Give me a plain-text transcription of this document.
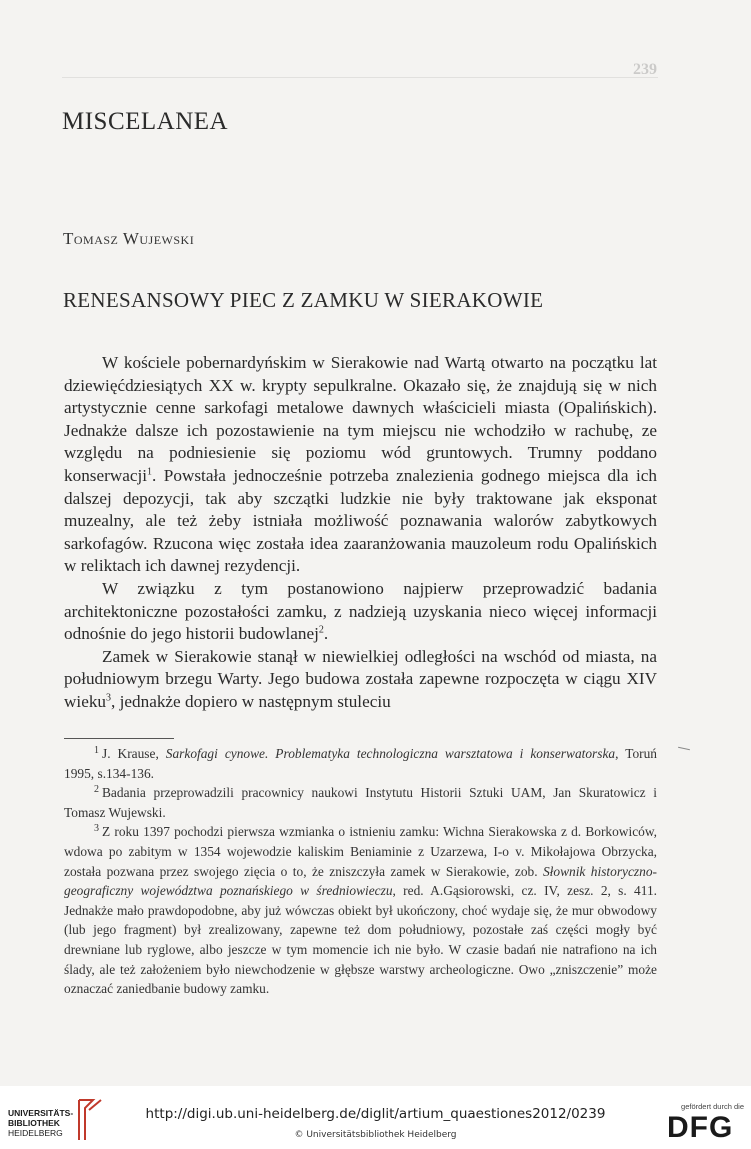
239
MISCELANEA
Tomasz Wujewski
RENESANSOWY PIEC Z ZAMKU W SIERAKOWIE

W kościele pobernardyńskim w Sierakowie nad Wartą otwarto na początku lat dziewięćdziesiątych XX w. krypty sepulkralne. Okazało się, że znajdują się w nich artystycznie cenne sarkofagi metalowe dawnych właścicieli miasta (Opalińskich). Jednakże dalsze ich pozostawienie na tym miejscu nie wchodziło w rachubę, ze względu na podniesienie się poziomu wód gruntowych. Trumny poddano konserwacji$^1$. Powstała jednocześnie potrzeba znalezienia godnego miejsca dla ich dalszej depozycji, tak aby szczątki ludzkie nie były traktowane jak eksponat muzealny, ale też żeby istniała możliwość poznawania walorów zabytkowych sarkofagów. Rzucona więc została idea zaaranżowania mauzoleum rodu Opalińskich w reliktach ich dawnej rezydencji.

W związku z tym postanowiono najpierw przeprowadzić badania architektoniczne pozostałości zamku, z nadzieją uzyskania nieco więcej informacji odnośnie do jego historii budowlanej$^2$.

Zamek w Sierakowie stanął w niewielkiej odległości na wschód od miasta, na południowym brzegu Warty. Jego budowa została zapewne rozpoczęta w ciągu XIV wieku$^3$, jednakże dopiero w następnym stuleciu

$^1$ J. Krause, Sarkofagi cynowe. Problematyka technologiczna warsztatowa i konserwatorska, Toruń 1995, s.134-136.

$^2$ Badania przeprowadzili pracownicy naukowi Instytutu Historii Sztuki UAM, Jan Skuratowicz i Tomasz Wujewski.

$^3$ Z roku 1397 pochodzi pierwsza wzmianka o istnieniu zamku: Wichna Sierakowska z d. Borkowiców, wdowa po zabitym w 1354 wojewodzie kaliskim Beniaminie z Uzarzewa, I-o v. Mikołajowa Obrzycka, została pozwana przez swojego zięcia o to, że zniszczyła zamek w Sierakowie, zob. Słownik historyczno-geograficzny województwa poznańskiego w średniowieczu, red. A.Gąsiorowski, cz. IV, zesz. 2, s. 411. Jednakże mało prawdopodobne, aby już wówczas obiekt był ukończony, choć wydaje się, że mur obwodowy (lub jego fragment) był zrealizowany, zapewne też dom południowy, pozostałe zaś części mogły być drewniane lub ryglowe, albo jeszcze w tym momencie ich nie było. W czasie badań nie natrafiono na ich ślady, ale też założeniem było niewchodzenie w głębsze warstwy archeologiczne. Owo „zniszczenie” może oznaczać zaniedbanie budowy zamku.

UNIVERSITÄTS-
BIBLIOTHEK
HEIDELBERG
http://digi.ub.uni-heidelberg.de/diglit/artium_quaestiones2012/0239
© Universitätsbibliothek Heidelberg
gefördert durch die
DFG
